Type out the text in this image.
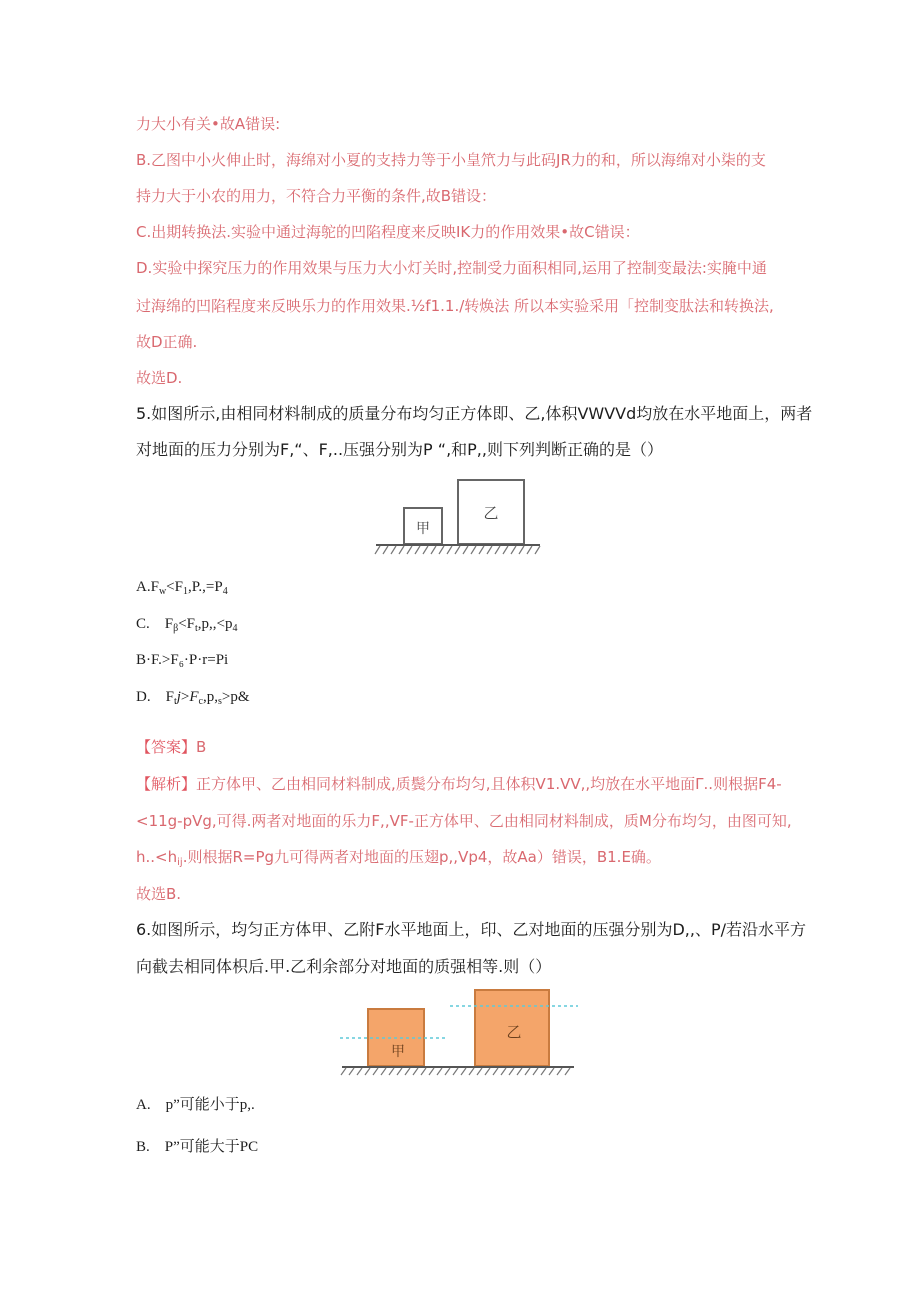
力大小有关•故A错误:
B.乙图中小火伸止时，海绵对小夏的支持力等于小皇笊力与此码JR力的和，所以海绵对小柒的支
持力大于小农的用力，不符合力平衡的条件,故B错设：
C.出期转换法.实验中通过海鸵的凹陷程度来反映IK力的作用效果•故C错误：
D.实验中探究压力的作用效果与压力大小灯关时,控制受力面积相同,运用了控制变最法:实腌中通
过海绵的凹陷程度来反映乐力的作用效果.½f1.1./转焕法 所以本实验采用「控制变肽法和转换法,
故D正确.
故选D.
5.如图所示,由相同材料制成的质量分布均匀正方体即、乙,体积VWVVd均放在水平地面上，两者
对地面的压力分别为F,“、F,..压强分别为P “,和P,,则下列判断正确的是（）
甲
乙
$A.F_w<F_1,P.,=P_4$
C.　$F_\beta<F_t,p,,<p_4$
B·F.>F₆·P·r=Pi
D.　$F_tj>F_c,p,_s>p\&$
【答案】B
【解析】正方体甲、乙由相同材料制成,质鬓分布均匀,且体积V1.VV,,均放在水平地面Γ..则根据F4-
<11g-pVg,可得.两者对地面的乐力F,,VF-正方体甲、乙由相同材料制成，质M分布均匀，由图可知,
$h..<h_{ij}$.则根据R=Pg九可得两者对地面的压翅p,,Vp4，故Aa）错误，B1.E确。
故选B.
6.如图所示，均匀正方体甲、乙附F水平地面上，印、乙对地面的压强分别为D,,、P/若沿水平方
向截去相同体枳后.甲.乙利余部分对地面的质强相等.则（）
甲
乙
A.　p”可能小于p,.
B.　P”可能大于PC
